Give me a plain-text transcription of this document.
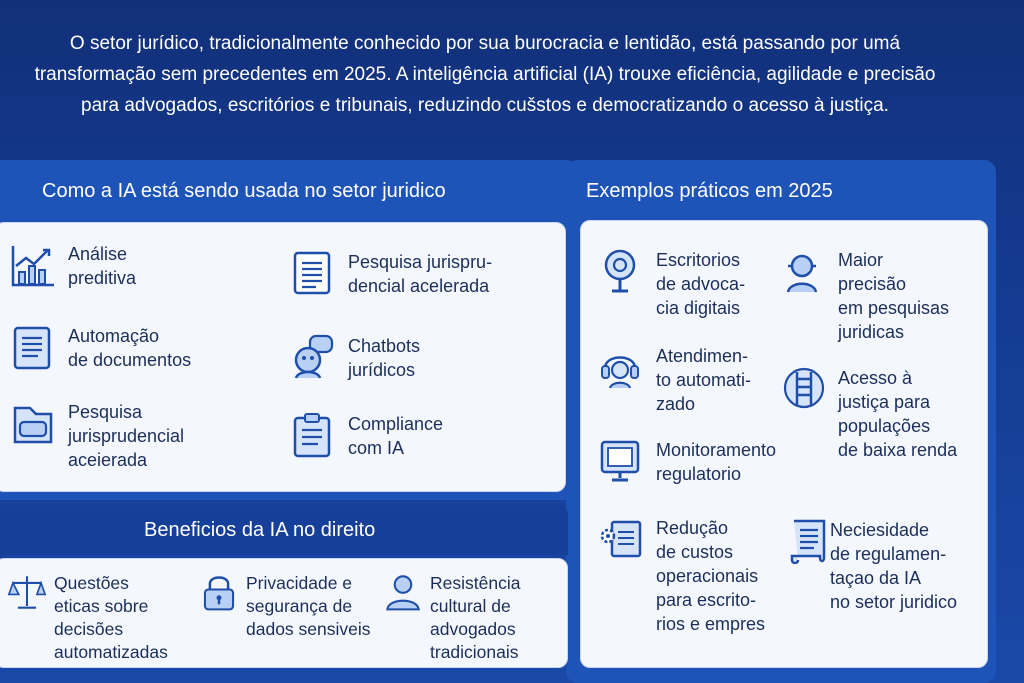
O setor jurídico, tradicionalmente conhecido por sua burocracia e lentidão, está passando por umá transformação sem precedentes em 2025. A inteligência artificial (IA) trouxe eficiência, agilidade e precisão para advogados, escritórios e tribunais, reduzindo cušstos e democratizando o acesso à justiça.
Como a IA está sendo usada no setor juridico	Exemplos práticos em 2025
Beneficios da IA no direito
Análise
preditiva
Pesquisa jurispru-
dencial acelerada
Automação
de documentos
Chatbots
jurídicos
Pesquisa
jurisprudencial
aceierada
Compliance
com IA
Escritorios
de advoca-
cia digitais
Maior
precisão
em pesquisas
juridicas
Atendimen-
to automati-
zado
Acesso à
justiça para
populações
de baixa renda
Monitoramento
regulatorio
Redução
de custos
operacionais
para escrito-
rios e empres
Neciesidade
de regulamen-
taçao da IA
no setor juridico
Questões
eticas sobre
decisões
automatizadas
Privacidade e
segurança de
dados sensiveis
Resistência
cultural de
advogados
tradicionais
